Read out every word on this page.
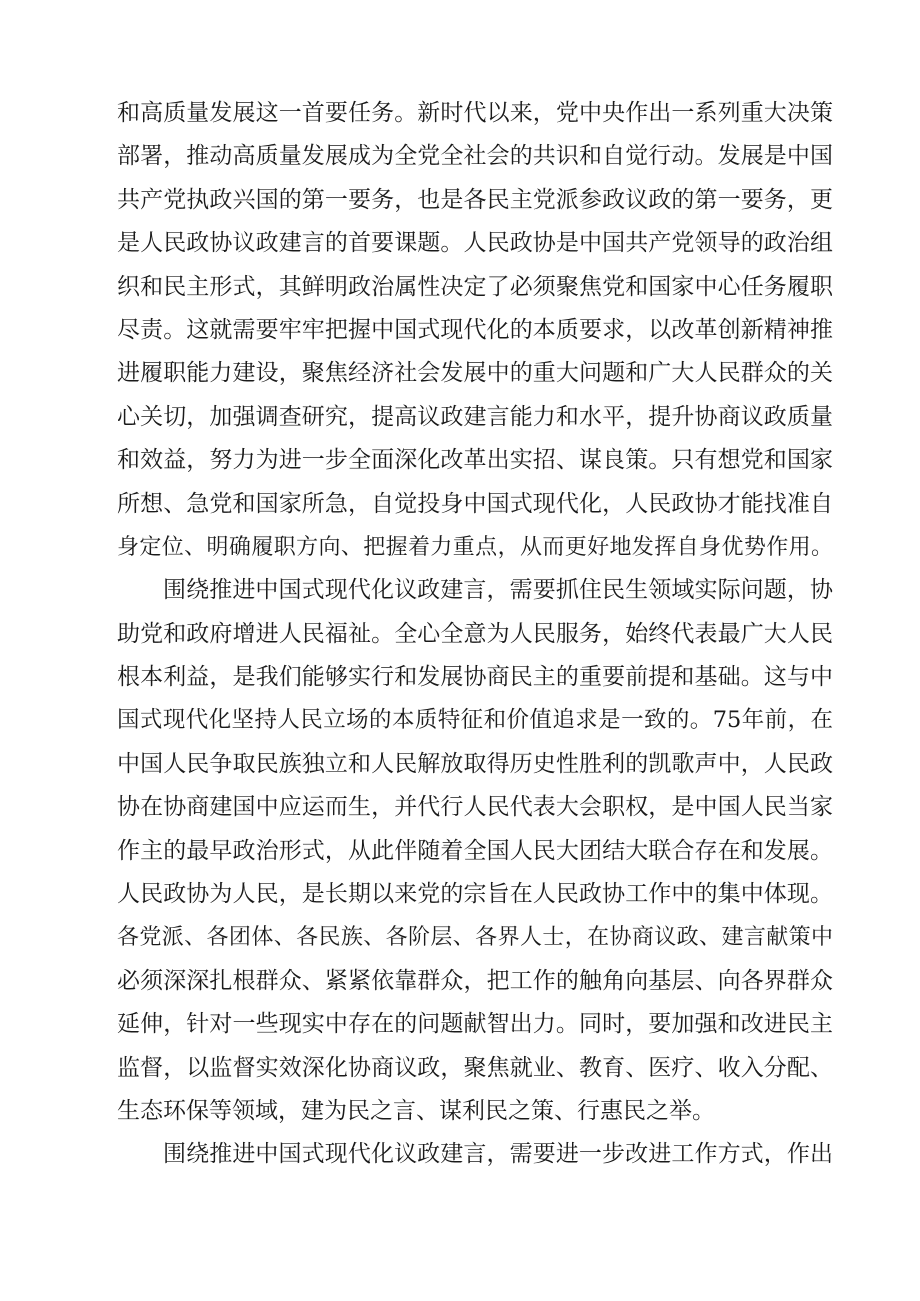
和高质量发展这一首要任务。新时代以来，党中央作出一系列重大决策
部署，推动高质量发展成为全党全社会的共识和自觉行动。发展是中国
共产党执政兴国的第一要务，也是各民主党派参政议政的第一要务，更
是人民政协议政建言的首要课题。人民政协是中国共产党领导的政治组
织和民主形式，其鲜明政治属性决定了必须聚焦党和国家中心任务履职
尽责。这就需要牢牢把握中国式现代化的本质要求，以改革创新精神推
进履职能力建设，聚焦经济社会发展中的重大问题和广大人民群众的关
心关切，加强调查研究，提高议政建言能力和水平，提升协商议政质量
和效益，努力为进一步全面深化改革出实招、谋良策。只有想党和国家
所想、急党和国家所急，自觉投身中国式现代化，人民政协才能找准自
身定位、明确履职方向、把握着力重点，从而更好地发挥自身优势作用。
围绕推进中国式现代化议政建言，需要抓住民生领域实际问题，协
助党和政府增进人民福祉。全心全意为人民服务，始终代表最广大人民
根本利益，是我们能够实行和发展协商民主的重要前提和基础。这与中
国式现代化坚持人民立场的本质特征和价值追求是一致的。75年前，在
中国人民争取民族独立和人民解放取得历史性胜利的凯歌声中，人民政
协在协商建国中应运而生，并代行人民代表大会职权，是中国人民当家
作主的最早政治形式，从此伴随着全国人民大团结大联合存在和发展。
人民政协为人民，是长期以来党的宗旨在人民政协工作中的集中体现。
各党派、各团体、各民族、各阶层、各界人士，在协商议政、建言献策中
必须深深扎根群众、紧紧依靠群众，把工作的触角向基层、向各界群众
延伸，针对一些现实中存在的问题献智出力。同时，要加强和改进民主
监督，以监督实效深化协商议政，聚焦就业、教育、医疗、收入分配、
生态环保等领域，建为民之言、谋利民之策、行惠民之举。
围绕推进中国式现代化议政建言，需要进一步改进工作方式，作出
